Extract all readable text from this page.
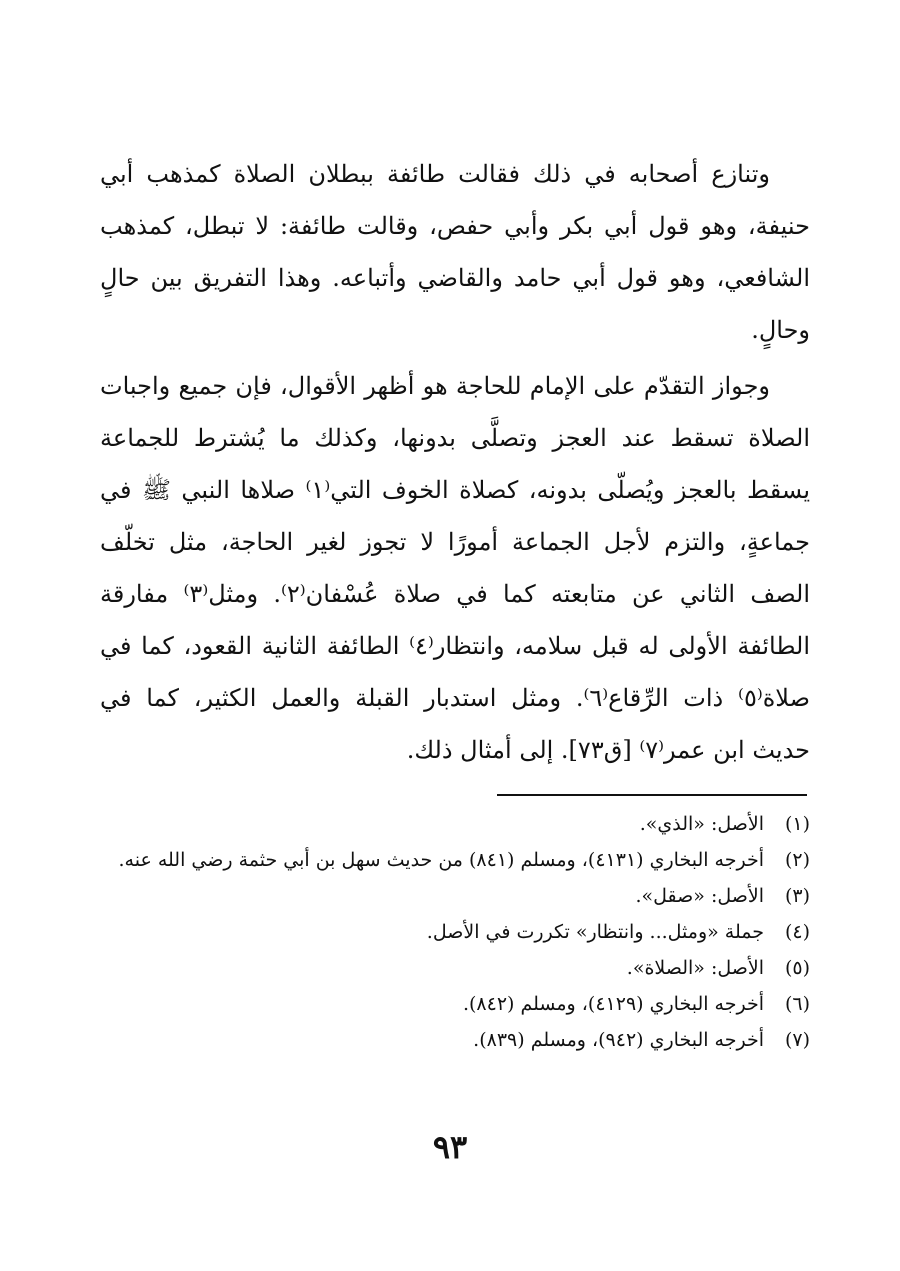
وتنازع أصحابه في ذلك فقالت طائفة ببطلان الصلاة كمذهب أبي حنيفة، وهو قول أبي بكر وأبي حفص، وقالت طائفة: لا تبطل، كمذهب الشافعي، وهو قول أبي حامد والقاضي وأتباعه. وهذا التفريق بين حالٍ وحالٍ.

وجواز التقدّم على الإمام للحاجة هو أظهر الأقوال، فإن جميع واجبات الصلاة تسقط عند العجز وتصلَّى بدونها، وكذلك ما يُشترط للجماعة يسقط بالعجز ويُصلّى بدونه، كصلاة الخوف التي⁽١⁾ صلاها النبي ﷺ في جماعةٍ، والتزم لأجل الجماعة أمورًا لا تجوز لغير الحاجة، مثل تخلّف الصف الثاني عن متابعته كما في صلاة عُسْفان⁽٢⁾. ومثل⁽٣⁾ مفارقة الطائفة الأولى له قبل سلامه، وانتظار⁽٤⁾ الطائفة الثانية القعود، كما في صلاة⁽٥⁾ ذات الرِّقاع⁽٦⁾. ومثل استدبار القبلة والعمل الكثير، كما في حديث ابن عمر⁽٧⁾ [ق٧٣]. إلى أمثال ذلك.

(١)
الأصل: «الذي».
(٢)
أخرجه البخاري (٤١٣١)، ومسلم (٨٤١) من حديث سهل بن أبي حثمة رضي الله عنه.
(٣)
الأصل: «صقل».
(٤)
جملة «ومثل... وانتظار» تكررت في الأصل.
(٥)
الأصل: «الصلاة».
(٦)
أخرجه البخاري (٤١٢٩)، ومسلم (٨٤٢).
(٧)
أخرجه البخاري (٩٤٢)، ومسلم (٨٣٩).
٩٣
